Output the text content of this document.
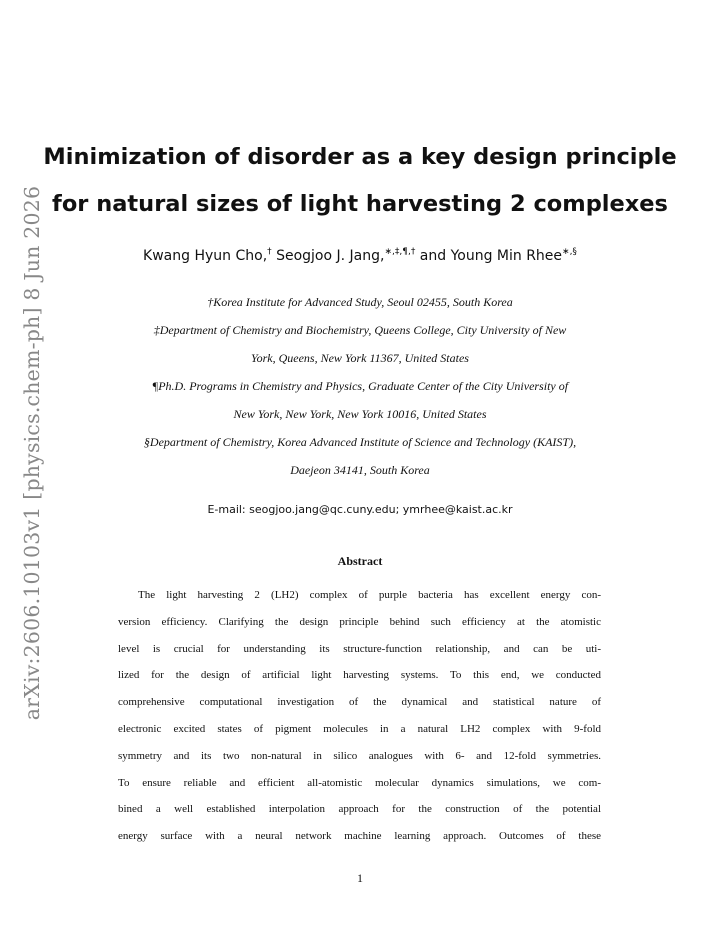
arXiv:2606.10103v1 [physics.chem-ph] 8 Jun 2026
Minimization of disorder as a key design principle
for natural sizes of light harvesting 2 complexes
Kwang Hyun Cho,† Seogjoo J. Jang,∗,‡,¶,† and Young Min Rhee∗,§
†Korea Institute for Advanced Study, Seoul 02455, South Korea
‡Department of Chemistry and Biochemistry, Queens College, City University of New
York, Queens, New York 11367, United States
¶Ph.D. Programs in Chemistry and Physics, Graduate Center of the City University of
New York, New York, New York 10016, United States
§Department of Chemistry, Korea Advanced Institute of Science and Technology (KAIST),
Daejeon 34141, South Korea
E-mail: seogjoo.jang@qc.cuny.edu; ymrhee@kaist.ac.kr
Abstract
The light harvesting 2 (LH2) complex of purple bacteria has excellent energy con-
version efficiency. Clarifying the design principle behind such efficiency at the atomistic
level is crucial for understanding its structure-function relationship, and can be uti-
lized for the design of artificial light harvesting systems. To this end, we conducted
comprehensive computational investigation of the dynamical and statistical nature of
electronic excited states of pigment molecules in a natural LH2 complex with 9-fold
symmetry and its two non-natural in silico analogues with 6- and 12-fold symmetries.
To ensure reliable and efficient all-atomistic molecular dynamics simulations, we com-
bined a well established interpolation approach for the construction of the potential
energy surface with a neural network machine learning approach. Outcomes of these
1
